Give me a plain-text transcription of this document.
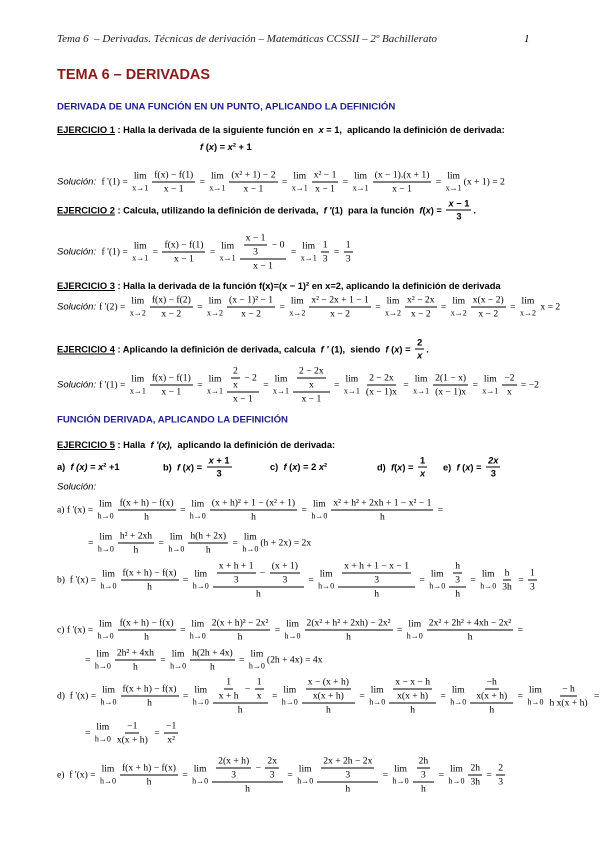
Tema 6  – Derivadas. Técnicas de derivación – Matemáticas CCSSII – 2º Bachillerato	1
TEMA 6 – DERIVADAS
DERIVADA DE UNA FUNCIÓN EN UN PUNTO, APLICANDO LA DEFINICIÓN
EJERCICIO 1 : Halla la derivada de la siguiente función en x = 1,  aplicando la definición de derivada:
f ( x ) = x ² + 1
Solución: f '(1) =
lim
$x\to 1 \frac{f(x) - f(1)}{x - 1}$ =
lim
$x\to 1 \frac{\text{(x² + 1) − 2}}{x - 1}$ =
lim
$x\to 1 \frac{\text{x² − 1}}{x - 1}$ =
lim
$x\to 1 \frac{(x - 1).(x + 1)}{x - 1}$ =
lim
x→1
(x + 1) = 2
EJERCICIO 2 : Calcula, utilizando la definición de derivada, f ′ (1)  para la función f ( x ) = $\frac{x - 1}{3}$ .
Solución: f '(1) =
lim
x→1
= $\frac{f(x) - f(1)}{x - 1}$ =
lim
$x\to 1 \frac{\frac{x - 1}{3} - 0}{x - 1}$ =
lim
$x\to 1 \frac{1}{3} = \frac{1}{3}$
EJERCICIO 3 : Halla la derivada de la función f(x)=(x − 1)² en x=2, aplicando la definición de derivada
Solución: f '(2) =
lim
$x\to 2 \frac{f(x) - f(2)}{x - 2}$ =
lim
$x\to 2 \frac{\text{(x − 1)² − 1}}{x - 2}$ =
lim
$x\to 2 \frac{\text{x² − 2x + 1 − 1}}{x - 2}$ =
lim
$x\to 2 \frac{\text{x² − 2x}}{x - 2}$ =
lim
$x\to 2 \frac{x(x - 2)}{x - 2}$ =
lim
x→2
x = 2
EJERCICIO 4 : Aplicando la definición de derivada, calcula f ′ (1),  siendo f ( x ) = $\frac{2}{x}$ .
Solución: f '(1) =
lim
$x\to 1 \frac{f(x) - f(1)}{x - 1}$ =
lim
$x\to 1 \frac{\frac{2}{x} - 2}{x - 1}$ =
lim
$x\to 1 \frac{\frac{2 - 2x}{x}}{x - 1}$ =
lim
$x\to 1 \frac{2 - 2x}{(x - 1)x}$ =
lim
$x\to 1 \frac{2(1 - x)}{(x - 1)x}$ =
lim
$x\to 1 \frac{-2}{x} = -2$
FUNCIÓN DERIVADA, APLICANDO LA DEFINICIÓN
EJERCICIO 5 : Halla f ′(x), aplicando la definición de derivada:
Solución:
a) f '(x) =
lim
$h\to 0 \frac{f(x + h) - f(x)}{h}$ =
lim
$h\to 0 \frac{\text{(x + h)² + 1 − (x² + 1)}}{h}$ =
lim
$h\to 0 \frac{\text{x² + h² + 2xh + 1 − x² − 1}}{h}$ =
=
lim
$h\to 0 \frac{\text{h² + 2xh}}{h}$ =
lim
$h\to 0 \frac{h(h + 2x)}{h}$ =
lim
h→0
(h + 2x) = 2x
b)  f '(x) =
lim
$h\to 0 \frac{f(x + h) - f(x)}{h}$ =
lim
$h\to 0 \frac{\frac{x + h + 1}{3} - \frac{(x + 1)}{3}}{h}$ =
lim
$h\to 0 \frac{\frac{x + h + 1 - x - 1}{3}}{h}$ =
lim
$h\to 0 \frac{\frac{h}{3}}{h}$ =
lim
$h\to 0 \frac{h}{3h} = \frac{1}{3}$
c) f '(x) =
lim
$h\to 0 \frac{f(x + h) - f(x)}{h}$ =
lim
$h\to 0 \frac{\text{2(x + h)² − 2x²}}{h}$ =
lim
$h\to 0 \frac{\text{2(x² + h² + 2xh) − 2x²}}{h}$ =
lim
$h\to 0 \frac{\text{2x² + 2h² + 4xh − 2x²}}{h}$ =
=
lim
$h\to 0 \frac{\text{2h² + 4xh}}{h}$ =
lim
$h\to 0 \frac{h(2h + 4x)}{h}$ =
lim
h→0
(2h + 4x) = 4x
d)  f '(x) =
lim
$h\to 0 \frac{f(x + h) - f(x)}{h}$ =
lim
$h\to 0 \frac{\frac{1}{x + h} - \frac{1}{x}}{h}$ =
lim
$h\to 0 \frac{\frac{x - (x + h)}{x(x + h)}}{h}$ =
lim
$h\to 0 \frac{\frac{x - x - h}{x(x + h)}}{h}$ =
lim
$h\to 0 \frac{\frac{-h}{x(x + h)}}{h}$ =
lim
$h\to 0 \frac{- h}{\text{h x(x + h)}}$ =
=
lim
$h\to 0 \frac{-1}{x(x + h)} = \frac{-1}{\text{x²}}$
e)  f '(x) =
lim
$h\to 0 \frac{f(x + h) - f(x)}{h}$ =
lim
$h\to 0 \frac{\frac{2(x + h)}{3} - \frac{2x}{3}}{h}$ =
lim
$h\to 0 \frac{\frac{2x + 2h - 2x}{3}}{h}$ =
lim
$h\to 0 \frac{\frac{2h}{3}}{h}$ =
lim
$h\to 0 \frac{2h}{3h} = \frac{2}{3}$
a) f (x) = x ² +1	b) f ( x ) = $\frac{x + 1}{3}$	c) f ( x ) = 2 x ²	d) f ( x ) = $\frac{1}{x} e$) f ( x ) = $\frac{2x}{3}$
